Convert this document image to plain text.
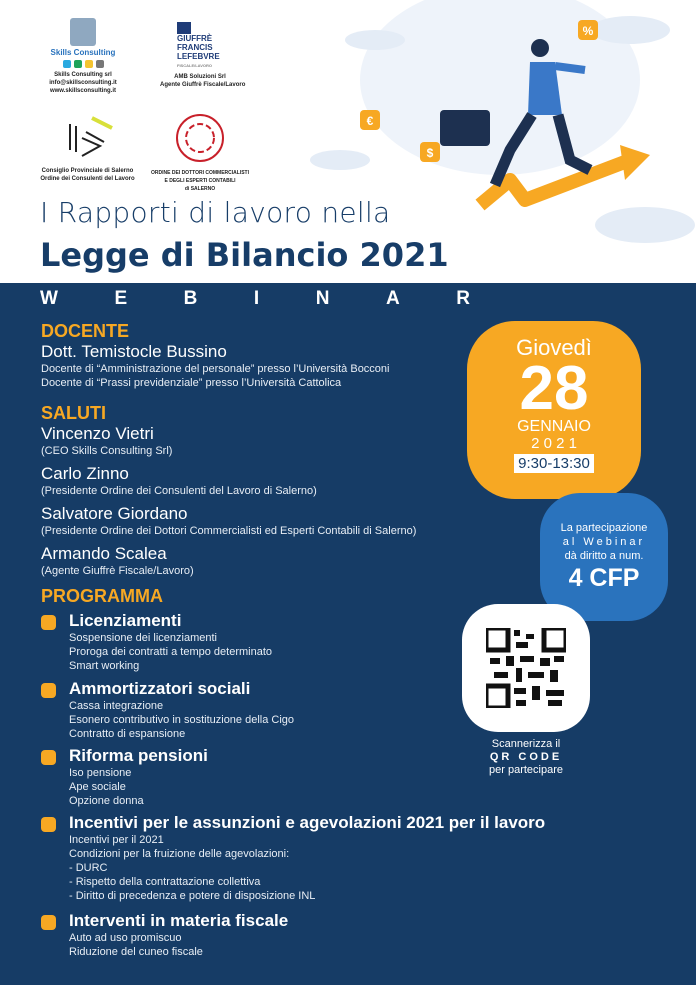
%
€
$
Skills Consulting
Skills Consulting srl
info@skillsconsulting.it
www.skillsconsulting.it
GIUFFRÈ
FRANCIS
LEFEBVRE
FISCALE/LAVORO
AMB Soluzioni Srl
Agente Giuffrè Fiscale/Lavoro
Consiglio Provinciale di Salerno
Ordine dei Consulenti del Lavoro
ORDINE DEI DOTTORI COMMERCIALISTI
E DEGLI ESPERTI CONTABILI
di SALERNO
I Rapporti di lavoro nella
Legge di Bilancio 2021
W	E	B	I	N	A	R
DOCENTE
Dott. Temistocle Bussino
Docente di “Amministrazione del personale” presso l’Università Bocconi
Docente di “Prassi previdenziale” presso l’Università Cattolica
SALUTI
Vincenzo Vietri
(CEO Skills Consulting Srl)
Carlo Zinno
(Presidente Ordine dei Consulenti del Lavoro di Salerno)
Salvatore Giordano
(Presidente Ordine dei Dottori Commercialisti ed Esperti Contabili di Salerno)
Armando Scalea
(Agente Giuffrè Fiscale/Lavoro)
PROGRAMMA
Licenziamenti
Sospensione dei licenziamenti
Proroga dei contratti a tempo determinato
Smart working
Ammortizzatori sociali
Cassa integrazione
Esonero contributivo in sostituzione della Cigo
Contratto di espansione
Riforma pensioni
Iso pensione
Ape sociale
Opzione donna
Incentivi per le assunzioni e agevolazioni 2021 per il lavoro
Incentivi per il 2021
Condizioni per la fruizione delle agevolazioni:
- DURC
- Rispetto della contrattazione collettiva
- Diritto di precedenza e potere di disposizione INL
Interventi in materia fiscale
Auto ad uso promiscuo
Riduzione del cuneo fiscale
Giovedì
28
GENNAIO
2 0 2 1
9:30-13:30
La partecipazione
al Webinar
dà diritto a num.
4 CFP
Scannerizza il
QR CODE
per partecipare
